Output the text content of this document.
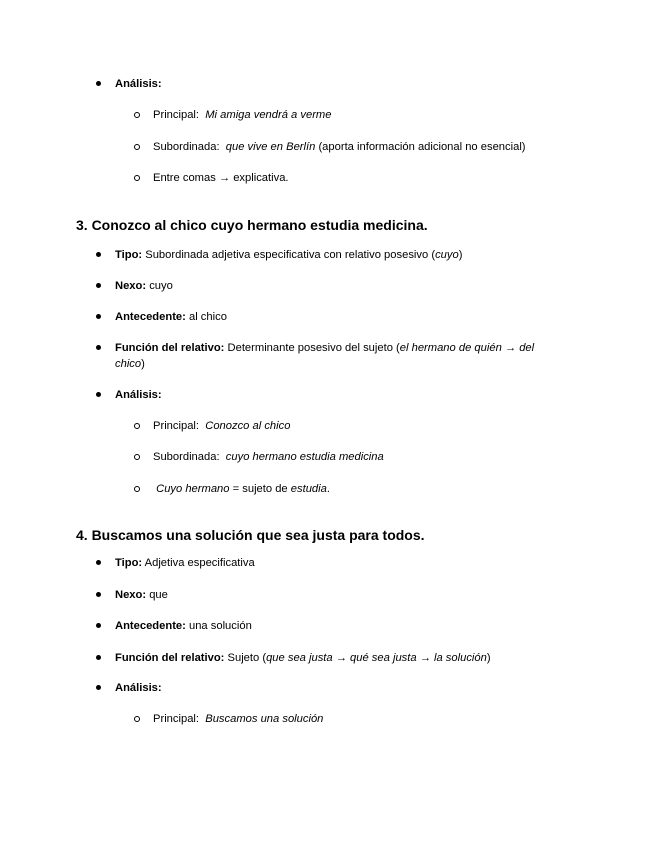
Análisis:
Principal: Mi amiga vendrá a verme
Subordinada: que vive en Berlín (aporta información adicional no esencial)
Entre comas → explicativa.
3. Conozco al chico cuyo hermano estudia medicina.
Tipo: Subordinada adjetiva especificativa con relativo posesivo (cuyo)
Nexo: cuyo
Antecedente: al chico
Función del relativo: Determinante posesivo del sujeto (el hermano de quién → del chico)
Análisis:
Principal: Conozco al chico
Subordinada: cuyo hermano estudia medicina
Cuyo hermano = sujeto de estudia.
4. Buscamos una solución que sea justa para todos.
Tipo: Adjetiva especificativa
Nexo: que
Antecedente: una solución
Función del relativo: Sujeto (que sea justa → qué sea justa → la solución)
Análisis:
Principal: Buscamos una solución
